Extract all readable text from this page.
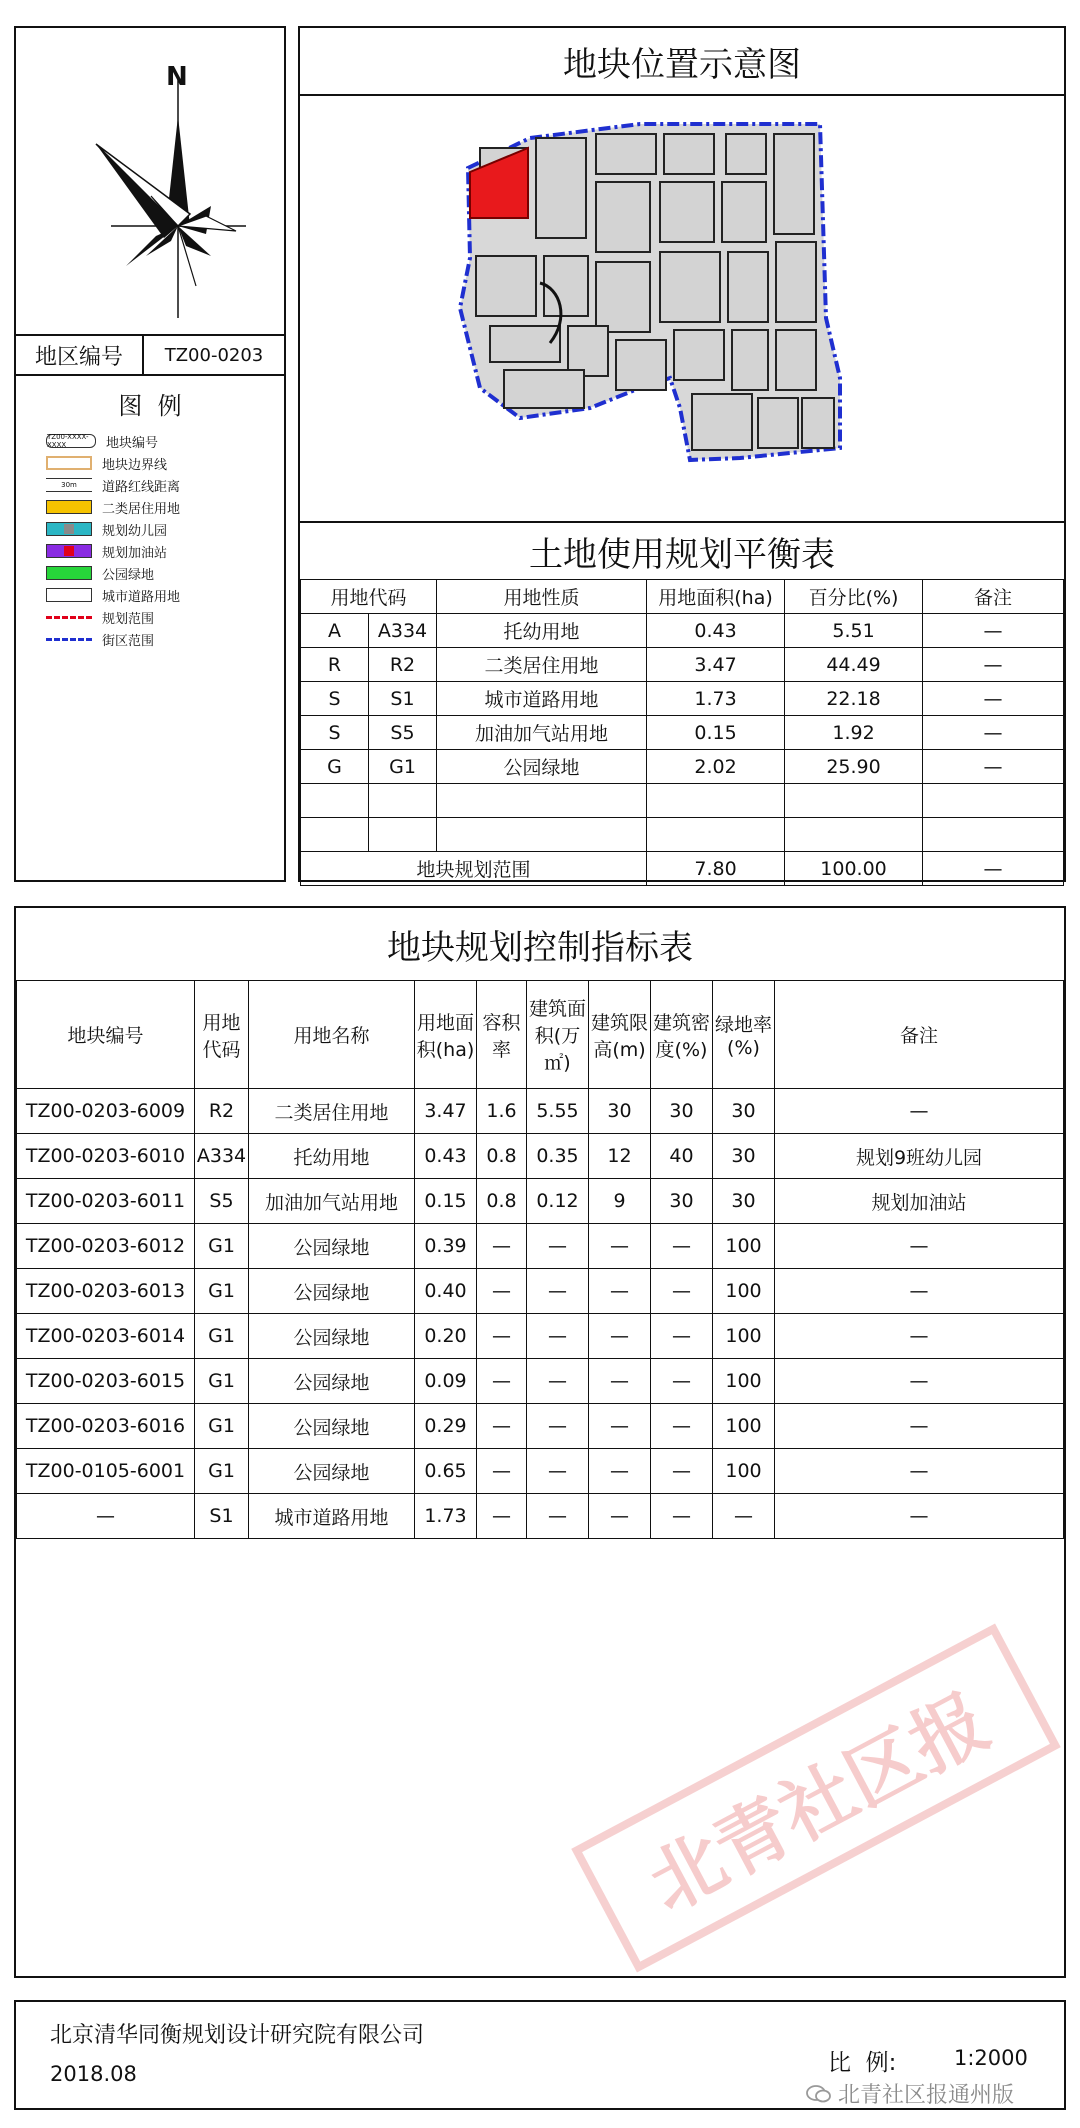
N
地区编号	TZ00-0203
图  例
TZ00-XXXX-XXXX	地块编号
地块边界线
30m	道路红线距离
二类居住用地
规划幼儿园
规划加油站
公园绿地
城市道路用地
规划范围
街区范围
地块位置示意图
土地使用规划平衡表
用地代码		用地性质	用地面积(ha)	百分比(%)	备注
A	A334	托幼用地	0.43	5.51	—
R	R2	二类居住用地	3.47	44.49	—
S	S1	城市道路用地	1.73	22.18	—
S	S5	加油加气站用地	0.15	1.92	—
G	G1	公园绿地	2.02	25.90	—

地块规划范围			7.80	100.00	—
地块规划控制指标表
地块编号	用地代码	用地名称	用地面积(ha)	容积率	建筑面积(万㎡)	建筑限高(m)	建筑密度(%)	绿地率(%)	备注
TZ00-0203-6009	R2	二类居住用地	3.47	1.6	5.55	30	30	30	—
TZ00-0203-6010	A334	托幼用地	0.43	0.8	0.35	12	40	30	规划9班幼儿园
TZ00-0203-6011	S5	加油加气站用地	0.15	0.8	0.12	9	30	30	规划加油站
TZ00-0203-6012	G1	公园绿地	0.39	—	—	—	—	100	—
TZ00-0203-6013	G1	公园绿地	0.40	—	—	—	—	100	—
TZ00-0203-6014	G1	公园绿地	0.20	—	—	—	—	100	—
TZ00-0203-6015	G1	公园绿地	0.09	—	—	—	—	100	—
TZ00-0203-6016	G1	公园绿地	0.29	—	—	—	—	100	—
TZ00-0105-6001	G1	公园绿地	0.65	—	—	—	—	100	—
—	S1	城市道路用地	1.73	—	—	—	—	—	—
北青社区报
北京清华同衡规划设计研究院有限公司
2018.08	比  例:	1:2000
北青社区报通州版
